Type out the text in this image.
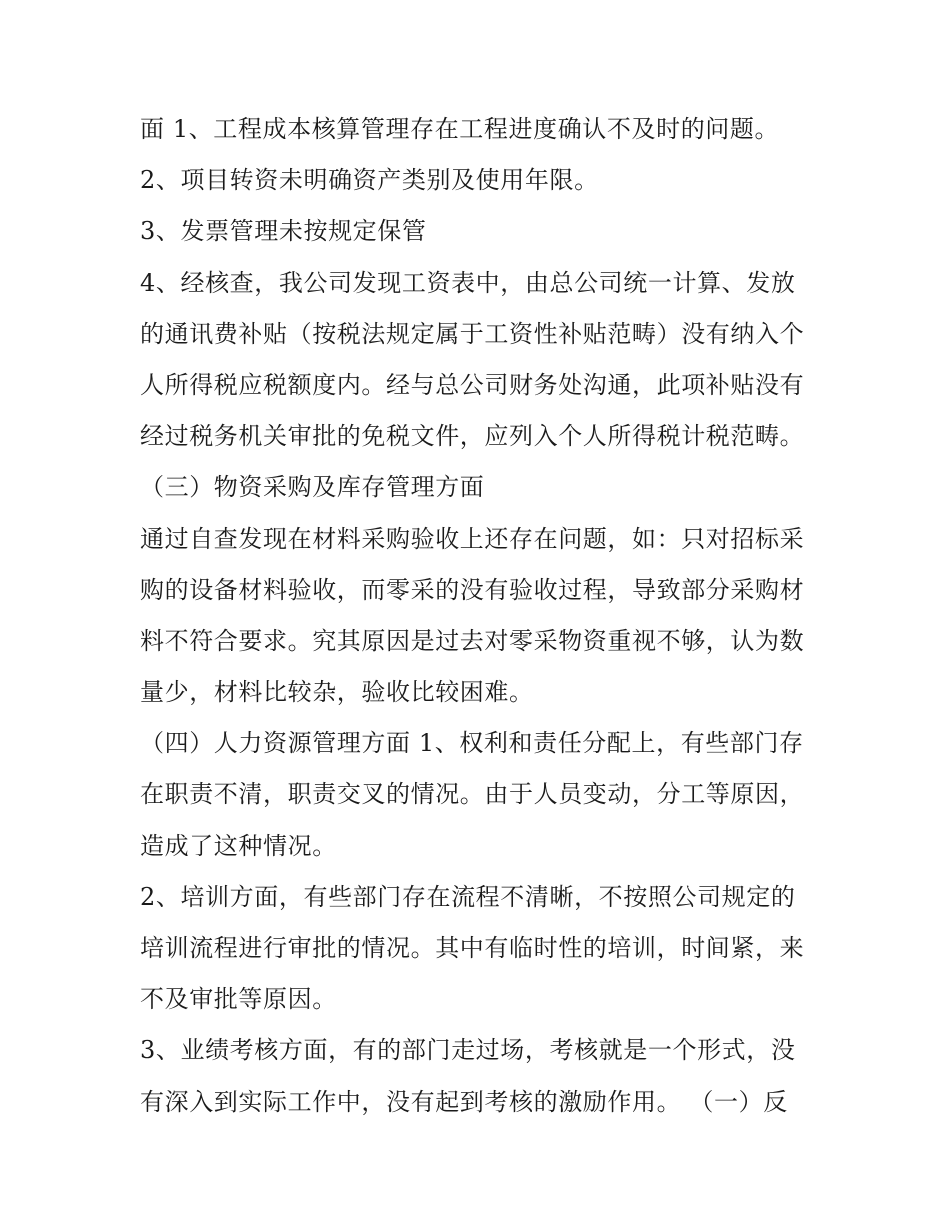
面 1、工程成本核算管理存在工程进度确认不及时的问题。
2、项目转资未明确资产类别及使用年限。
3、发票管理未按规定保管
4、经核查，我公司发现工资表中，由总公司统一计算、发放
的通讯费补贴（按税法规定属于工资性补贴范畴）没有纳入个
人所得税应税额度内。经与总公司财务处沟通，此项补贴没有
经过税务机关审批的免税文件，应列入个人所得税计税范畴。
（三）物资采购及库存管理方面
通过自查发现在材料采购验收上还存在问题，如：只对招标采
购的设备材料验收，而零采的没有验收过程，导致部分采购材
料不符合要求。究其原因是过去对零采物资重视不够，认为数
量少，材料比较杂，验收比较困难。
（四）人力资源管理方面 1、权利和责任分配上，有些部门存
在职责不清，职责交叉的情况。由于人员变动，分工等原因，
造成了这种情况。
2、培训方面，有些部门存在流程不清晰，不按照公司规定的
培训流程进行审批的情况。其中有临时性的培训，时间紧，来
不及审批等原因。
3、业绩考核方面，有的部门走过场，考核就是一个形式，没
有深入到实际工作中，没有起到考核的激励作用。 （一）反
